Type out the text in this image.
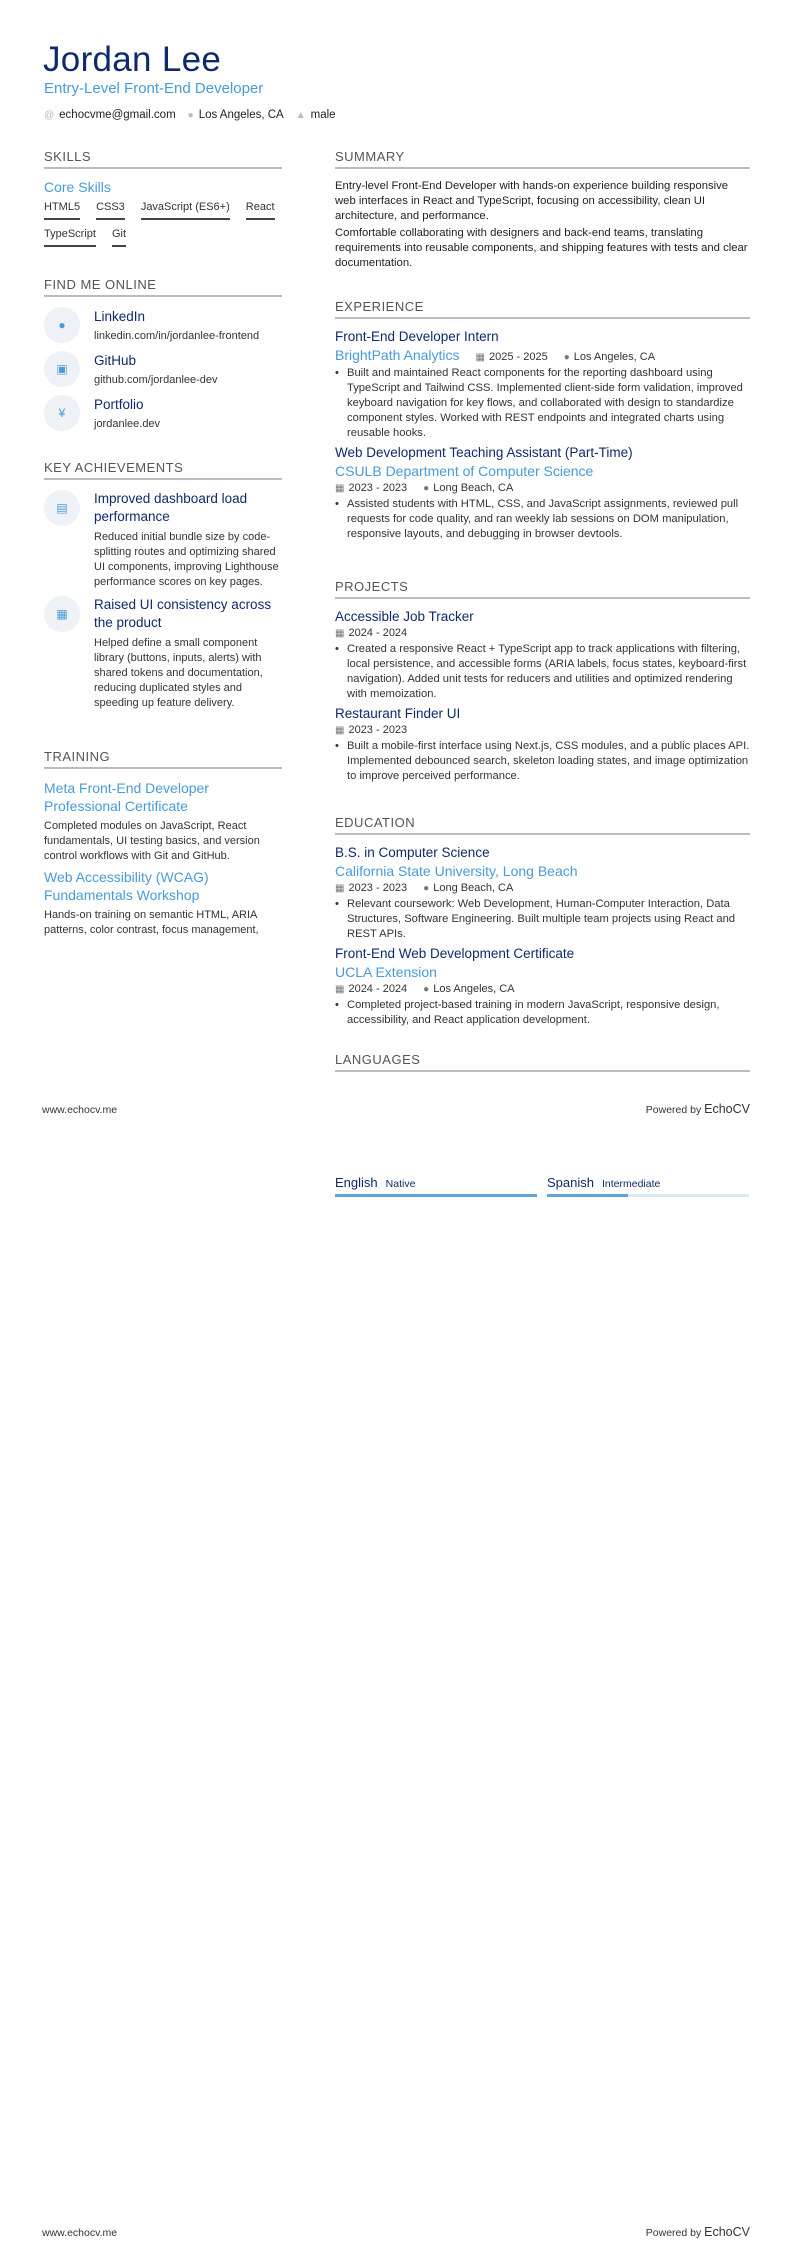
Jordan Lee
Entry-Level Front-End Developer
@ echocvme@gmail.com ● Los Angeles, CA ▲ male
SKILLS
Core Skills
HTML5 CSS3 JavaScript (ES6+) React
TypeScript Git
FIND ME ONLINE
●
LinkedIn
linkedin.com/in/jordanlee-frontend
▣
GitHub
github.com/jordanlee-dev
¥
Portfolio
jordanlee.dev
KEY ACHIEVEMENTS
▤
Improved dashboard load performance
Reduced initial bundle size by code-splitting routes and optimizing shared UI components, improving Lighthouse performance scores on key pages.
▦
Raised UI consistency across the product
Helped define a small component library (buttons, inputs, alerts) with shared tokens and documentation, reducing duplicated styles and speeding up feature delivery.
TRAINING
Meta Front-End Developer Professional Certificate
Completed modules on JavaScript, React fundamentals, UI testing basics, and version control workflows with Git and GitHub.
Web Accessibility (WCAG) Fundamentals Workshop
Hands-on training on semantic HTML, ARIA patterns, color contrast, focus management,
SUMMARY
Entry-level Front-End Developer with hands-on experience building responsive web interfaces in React and TypeScript, focusing on accessibility, clean UI architecture, and performance.
Comfortable collaborating with designers and back-end teams, translating requirements into reusable components, and shipping features with tests and clear documentation.
EXPERIENCE
Front-End Developer Intern
BrightPath Analytics ▦ 2025 - 2025 ● Los Angeles, CA
• Built and maintained React components for the reporting dashboard using TypeScript and Tailwind CSS. Implemented client-side form validation, improved keyboard navigation for key flows, and collaborated with design to standardize component styles. Worked with REST endpoints and integrated charts using reusable hooks.
Web Development Teaching Assistant (Part-Time)
CSULB Department of Computer Science
▦ 2023 - 2023 ● Long Beach, CA
• Assisted students with HTML, CSS, and JavaScript assignments, reviewed pull requests for code quality, and ran weekly lab sessions on DOM manipulation, responsive layouts, and debugging in browser devtools.
PROJECTS
Accessible Job Tracker
▦ 2024 - 2024
• Created a responsive React + TypeScript app to track applications with filtering, local persistence, and accessible forms (ARIA labels, focus states, keyboard-first navigation). Added unit tests for reducers and utilities and optimized rendering with memoization.
Restaurant Finder UI
▦ 2023 - 2023
• Built a mobile-first interface using Next.js, CSS modules, and a public places API. Implemented debounced search, skeleton loading states, and image optimization to improve perceived performance.
EDUCATION
B.S. in Computer Science
California State University, Long Beach
▦ 2023 - 2023 ● Long Beach, CA
• Relevant coursework: Web Development, Human-Computer Interaction, Data Structures, Software Engineering. Built multiple team projects using React and REST APIs.
Front-End Web Development Certificate
UCLA Extension
▦ 2024 - 2024 ● Los Angeles, CA
• Completed project-based training in modern JavaScript, responsive design, accessibility, and React application development.
LANGUAGES
www.echocv.me	Powered by EchoCV
English Native	Spanish Intermediate
www.echocv.me	Powered by EchoCV
